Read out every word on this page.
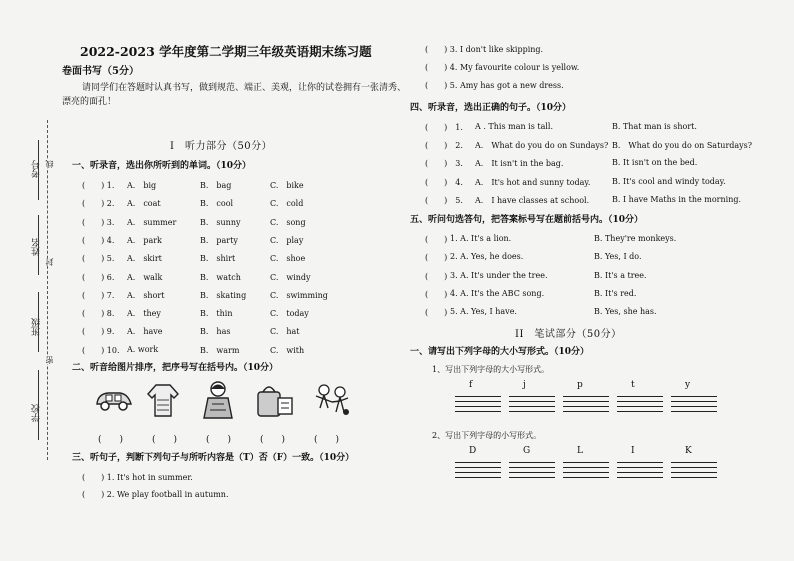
2022-2023 学年度第二学期三年级英语期末练习题
卷面书写（5分）
请同学们在答题时认真书写，做到规范、端正、美观，让你的试卷拥有一张清秀、
漂亮的面孔！
考号
姓名
班级
学校
线
封
密
I　听力部分（50分）
一、听录音，选出你所听到的单词。（10分）
(　　) 1. A.　big	B.　bag	C.　bike
(　　) 2. A.　coat	B.　cool	C.　cold
(　　) 3. A.　summer	B.　sunny	C.　song
(　　) 4. A.　park	B.　party	C.　play
(　　) 5. A.　skirt	B.　shirt	C.　shoe
(　　) 6. A.　walk	B.　watch	C.　windy
(　　) 7. A.　short	B.　skating	C.　swimming
(　　) 8. A.　they	B.　thin	C.　today
(　　) 9. A.　have	B.　has	C.　hat
(　　) 10. A. work	B.　warm	C.　with
二、听音给图片排序，把序号写在括号内。（10分）
(　　)	(　　)	(　　)	(　　)	(　　)
三、听句子，判断下列句子与所听内容是（T）否（F）一致。（10分）
(　　) 1. It's hot in summer.
(　　) 2. We play football in autumn.
(　　) 3. I don't like skipping.
(　　) 4. My favourite colour is yellow.
(　　) 5. Amy has got a new dress.
四、听录音，选出正确的句子。（10分）
(　　)　1. A . This man is tall.	B. That man is short.
(　　)　2. A.　What do you do on Sundays? B.　What do you do on Saturdays?
(　　)　3. A.　It isn't in the bag.	B. It isn't on the bed.
(　　)　4. A.　It's hot and sunny today.	B. It's cool and windy today.
(　　)　5. A.　I have classes at school.	B. I have Maths in the morning.
五、听问句选答句，把答案标号写在题前括号内。（10分）
(　　) 1. A. It's a lion.	B. They're monkeys.
(　　) 2. A. Yes, he does.	B. Yes, I do.
(　　) 3. A. It's under the tree.	B. It's a tree.
(　　) 4. A. It's the ABC song.	B. It's red.
(　　) 5. A. Yes, I have.	B. Yes, she has.
II　笔试部分（50分）
一、请写出下列字母的大小写形式。（10分）
1、写出下列字母的大小写形式。
f	j	p	t	y
2、写出下列字母的小写形式。
D	G	L	I	K
